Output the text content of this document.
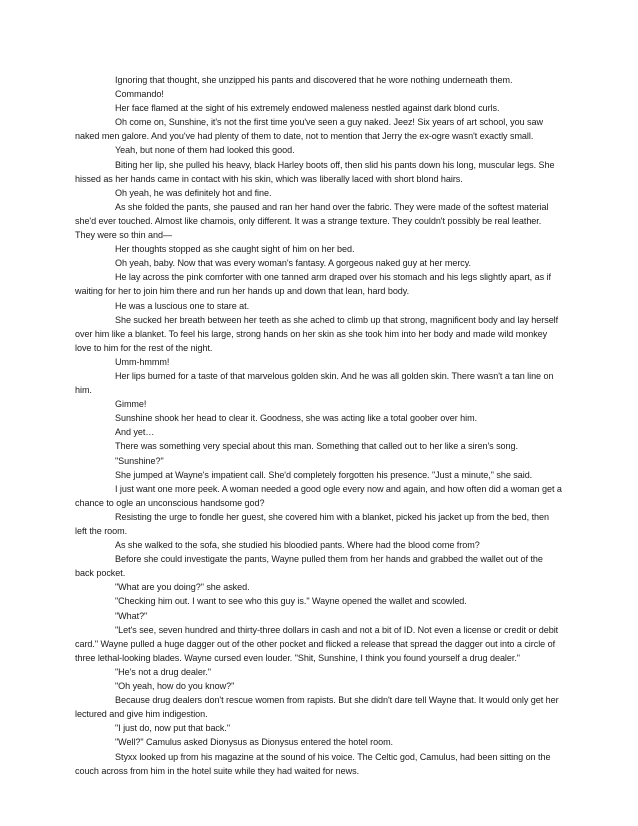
Ignoring that thought, she unzipped his pants and discovered that he wore nothing underneath them.

Commando!

Her face flamed at the sight of his extremely endowed maleness nestled against dark blond curls.

Oh come on, Sunshine, it's not the first time you've seen a guy naked. Jeez! Six years of art school, you saw naked men galore. And you've had plenty of them to date, not to mention that Jerry the ex-ogre wasn't exactly small.

Yeah, but none of them had looked this good.

Biting her lip, she pulled his heavy, black Harley boots off, then slid his pants down his long, muscular legs. She hissed as her hands came in contact with his skin, which was liberally laced with short blond hairs.

Oh yeah, he was definitely hot and fine.

As she folded the pants, she paused and ran her hand over the fabric. They were made of the softest material she'd ever touched. Almost like chamois, only different. It was a strange texture. They couldn't possibly be real leather. They were so thin and—

Her thoughts stopped as she caught sight of him on her bed.

Oh yeah, baby. Now that was every woman's fantasy. A gorgeous naked guy at her mercy.

He lay across the pink comforter with one tanned arm draped over his stomach and his legs slightly apart, as if waiting for her to join him there and run her hands up and down that lean, hard body.

He was a luscious one to stare at.

She sucked her breath between her teeth as she ached to climb up that strong, magnificent body and lay herself over him like a blanket. To feel his large, strong hands on her skin as she took him into her body and made wild monkey love to him for the rest of the night.

Umm-hmmm!

Her lips burned for a taste of that marvelous golden skin. And he was all golden skin. There wasn't a tan line on him.

Gimme!

Sunshine shook her head to clear it. Goodness, she was acting like a total goober over him.

And yet…

There was something very special about this man. Something that called out to her like a siren's song.

"Sunshine?"

She jumped at Wayne's impatient call. She'd completely forgotten his presence. "Just a minute," she said.

I just want one more peek. A woman needed a good ogle every now and again, and how often did a woman get a chance to ogle an unconscious handsome god?

Resisting the urge to fondle her guest, she covered him with a blanket, picked his jacket up from the bed, then left the room.

As she walked to the sofa, she studied his bloodied pants. Where had the blood come from?

Before she could investigate the pants, Wayne pulled them from her hands and grabbed the wallet out of the back pocket.

"What are you doing?" she asked.

"Checking him out. I want to see who this guy is." Wayne opened the wallet and scowled.

"What?"

"Let's see, seven hundred and thirty-three dollars in cash and not a bit of ID. Not even a license or credit or debit card." Wayne pulled a huge dagger out of the other pocket and flicked a release that spread the dagger out into a circle of three lethal-looking blades. Wayne cursed even louder. "Shit, Sunshine, I think you found yourself a drug dealer."

"He's not a drug dealer."

"Oh yeah, how do you know?"

Because drug dealers don't rescue women from rapists. But she didn't dare tell Wayne that. It would only get her lectured and give him indigestion.

"I just do, now put that back."

"Well?" Camulus asked Dionysus as Dionysus entered the hotel room.

Styxx looked up from his magazine at the sound of his voice. The Celtic god, Camulus, had been sitting on the couch across from him in the hotel suite while they had waited for news.
